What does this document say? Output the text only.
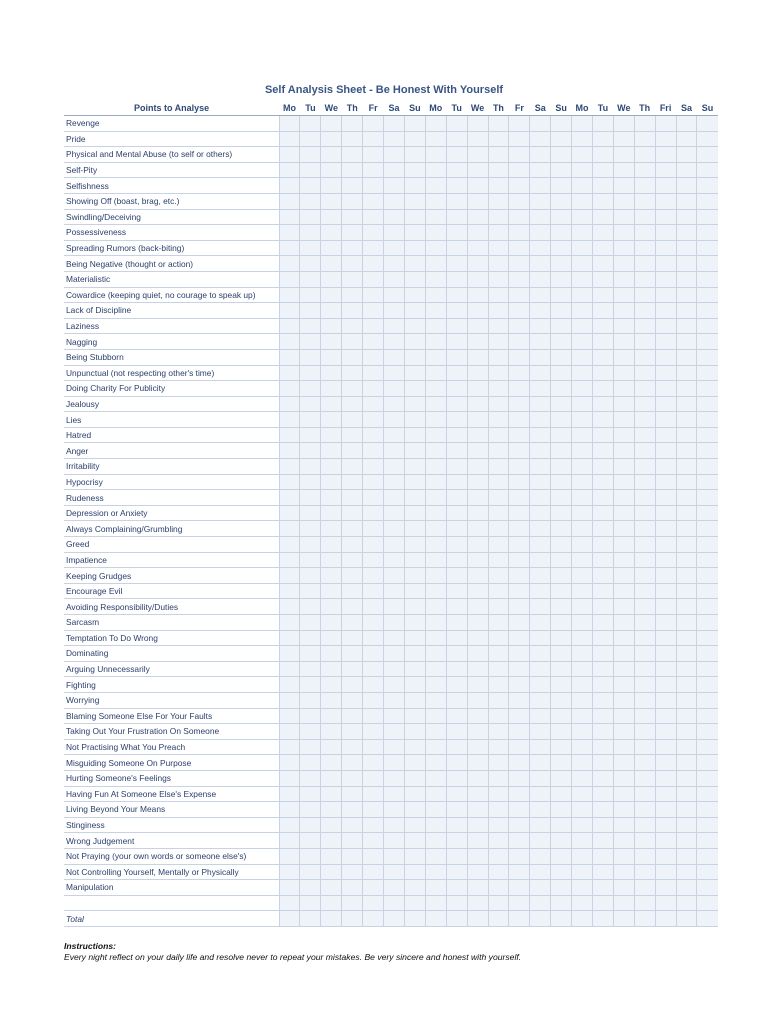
Self Analysis Sheet - Be Honest With Yourself
Points to Analyse	Mo	Tu	We	Th	Fr	Sa	Su	Mo	Tu	We	Th	Fr	Sa	Su	Mo	Tu	We	Th	Fri	Sa	Su
Revenge																					
Pride																					
Physical and Mental Abuse (to self or others)																					
Self-Pity																					
Selfishness																					
Showing Off (boast, brag, etc.)																					
Swindling/Deceiving																					
Possessiveness																					
Spreading Rumors (back-biting)																					
Being Negative (thought or action)																					
Materialistic																					
Cowardice (keeping quiet, no courage to speak up)																					
Lack of Discipline																					
Laziness																					
Nagging																					
Being Stubborn																					
Unpunctual (not respecting other's time)																					
Doing Charity For Publicity																					
Jealousy																					
Lies																					
Hatred																					
Anger																					
Irritability																					
Hypocrisy																					
Rudeness																					
Depression or Anxiety																					
Always Complaining/Grumbling																					
Greed																					
Impatience																					
Keeping Grudges																					
Encourage Evil																					
Avoiding Responsibility/Duties																					
Sarcasm																					
Temptation To Do Wrong																					
Dominating																					
Arguing Unnecessarily																					
Fighting																					
Worrying																					
Blaming Someone Else For Your Faults																					
Taking Out Your Frustration On Someone																					
Not Practising What You Preach																					
Misguiding Someone On Purpose																					
Hurting Someone's Feelings																					
Having Fun At Someone Else's Expense																					
Living Beyond Your Means																					
Stinginess																					
Wrong Judgement																					
Not Praying (your own words or someone else's)																					
Not Controlling Yourself, Mentally or Physically																					
Manipulation																					

Total																					
Instructions:
Every night reflect on your daily life and resolve never to repeat your mistakes. Be very sincere and honest with yourself.
